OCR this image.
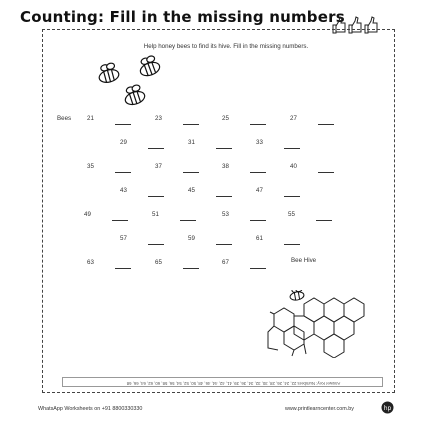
Counting: Fill in the missing numbers
Help honey bees to find its hive. Fill in the missing numbers.
Bees	21	23	25	27
29	31	33
35	37	38	40
43	45	47
49	51	53	55
57	59	61
63	65	67	Bee Hive
Answer Key: Numbers 22, 24, 26, 28, 30, 32, 34, 36, 39, 41, 42, 44, 46, 48, 50, 52, 54, 56, 58, 60, 62, 64, 66, 68
WhatsApp Worksheets on +91 8800330330	www.printlearncenter.com.by	hp
